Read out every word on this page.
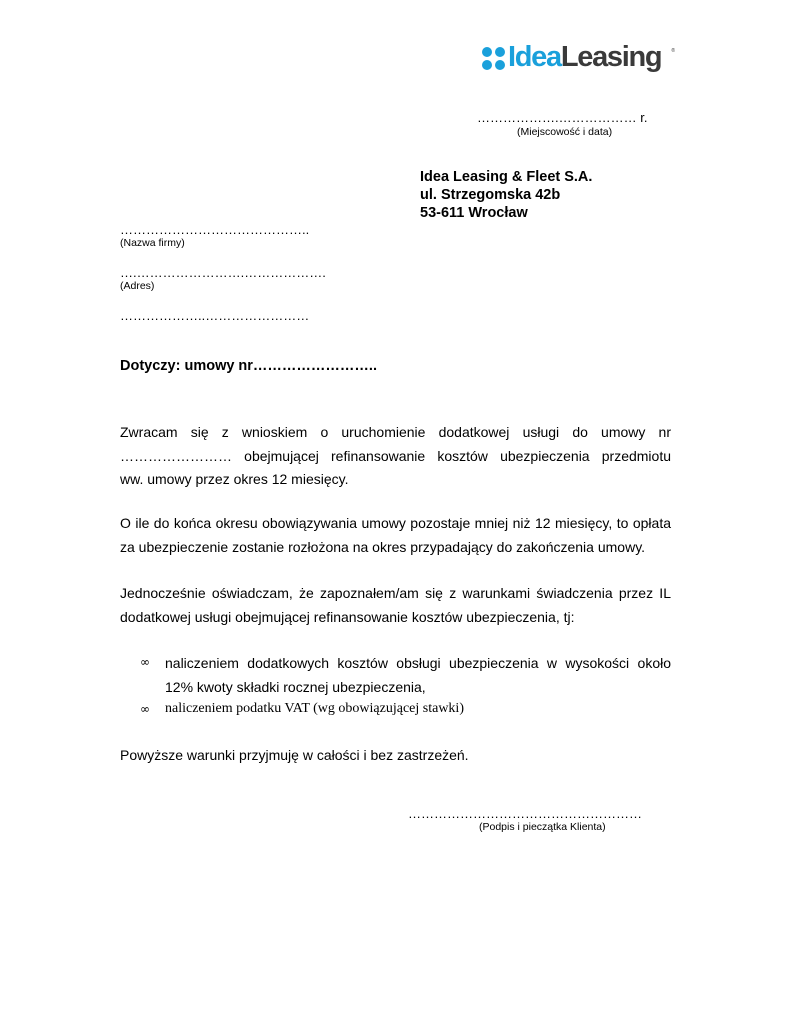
IdeaLeasing ®
……………….……………… r.
(Miejscowość i data)
Idea Leasing & Fleet S.A.
ul. Strzegomska 42b
53-611 Wrocław
……………………………………..
(Nazwa firmy)
….…………………….……………….
(Adres)
………………..……………………
Dotyczy: umowy nr……………………..
Zwracam się z wnioskiem o uruchomienie dodatkowej usługi do umowy nr
…………………… obejmującej refinansowanie kosztów ubezpieczenia przedmiotu
ww. umowy przez okres 12 miesięcy.
O ile do końca okresu obowiązywania umowy pozostaje mniej niż 12 miesięcy, to opłata za ubezpieczenie zostanie rozłożona na okres przypadający do zakończenia umowy.
Jednocześnie oświadczam, że zapoznałem/am się z warunkami świadczenia przez IL dodatkowej usługi obejmującej refinansowanie kosztów ubezpieczenia, tj:
∞ naliczeniem dodatkowych kosztów obsługi ubezpieczenia w wysokości około 12% kwoty składki rocznej ubezpieczenia,
∞ naliczeniem podatku VAT (wg obowiązującej stawki)
Powyższe warunki przyjmuję w całości i bez zastrzeżeń.
………………………………………………
(Podpis i pieczątka Klienta)
